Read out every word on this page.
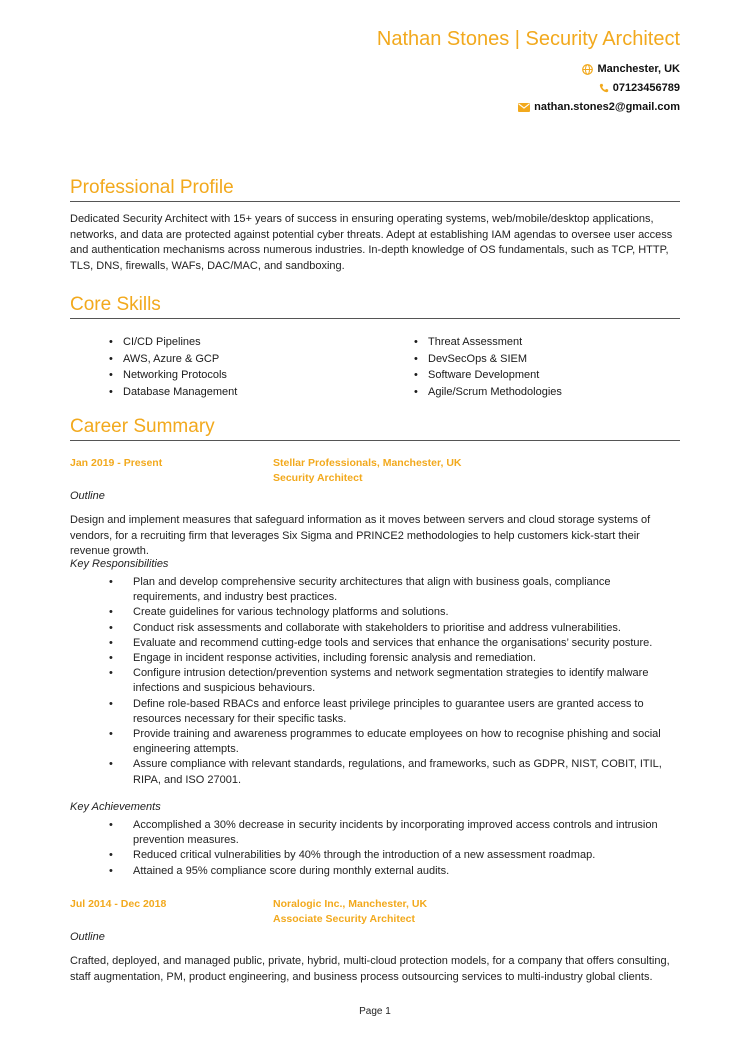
Nathan Stones | Security Architect
Manchester, UK
07123456789
nathan.stones2@gmail.com
Professional Profile
Dedicated Security Architect with 15+ years of success in ensuring operating systems, web/mobile/desktop applications, networks, and data are protected against potential cyber threats. Adept at establishing IAM agendas to oversee user access and authentication mechanisms across numerous industries. In-depth knowledge of OS fundamentals, such as TCP, HTTP, TLS, DNS, firewalls, WAFs, DAC/MAC, and sandboxing.
Core Skills
• CI/CD Pipelines
• AWS, Azure & GCP
• Networking Protocols
• Database Management
• Threat Assessment
• DevSecOps & SIEM
• Software Development
• Agile/Scrum Methodologies
Career Summary
Jan 2019 - Present	Stellar Professionals, Manchester, UK
Security Architect
Outline
Design and implement measures that safeguard information as it moves between servers and cloud storage systems of vendors, for a recruiting firm that leverages Six Sigma and PRINCE2 methodologies to help customers kick-start their revenue growth.
Key Responsibilities
• Plan and develop comprehensive security architectures that align with business goals, compliance requirements, and industry best practices.
• Create guidelines for various technology platforms and solutions.
• Conduct risk assessments and collaborate with stakeholders to prioritise and address vulnerabilities.
• Evaluate and recommend cutting-edge tools and services that enhance the organisations’ security posture.
• Engage in incident response activities, including forensic analysis and remediation.
• Configure intrusion detection/prevention systems and network segmentation strategies to identify malware infections and suspicious behaviours.
• Define role-based RBACs and enforce least privilege principles to guarantee users are granted access to resources necessary for their specific tasks.
• Provide training and awareness programmes to educate employees on how to recognise phishing and social engineering attempts.
• Assure compliance with relevant standards, regulations, and frameworks, such as GDPR, NIST, COBIT, ITIL, RIPA, and ISO 27001.
Key Achievements
• Accomplished a 30% decrease in security incidents by incorporating improved access controls and intrusion prevention measures.
• Reduced critical vulnerabilities by 40% through the introduction of a new assessment roadmap.
• Attained a 95% compliance score during monthly external audits.
Jul 2014 - Dec 2018	Noralogic Inc., Manchester, UK
Associate Security Architect
Outline
Crafted, deployed, and managed public, private, hybrid, multi-cloud protection models, for a company that offers consulting, staff augmentation, PM, product engineering, and business process outsourcing services to multi-industry global clients.
Page 1
